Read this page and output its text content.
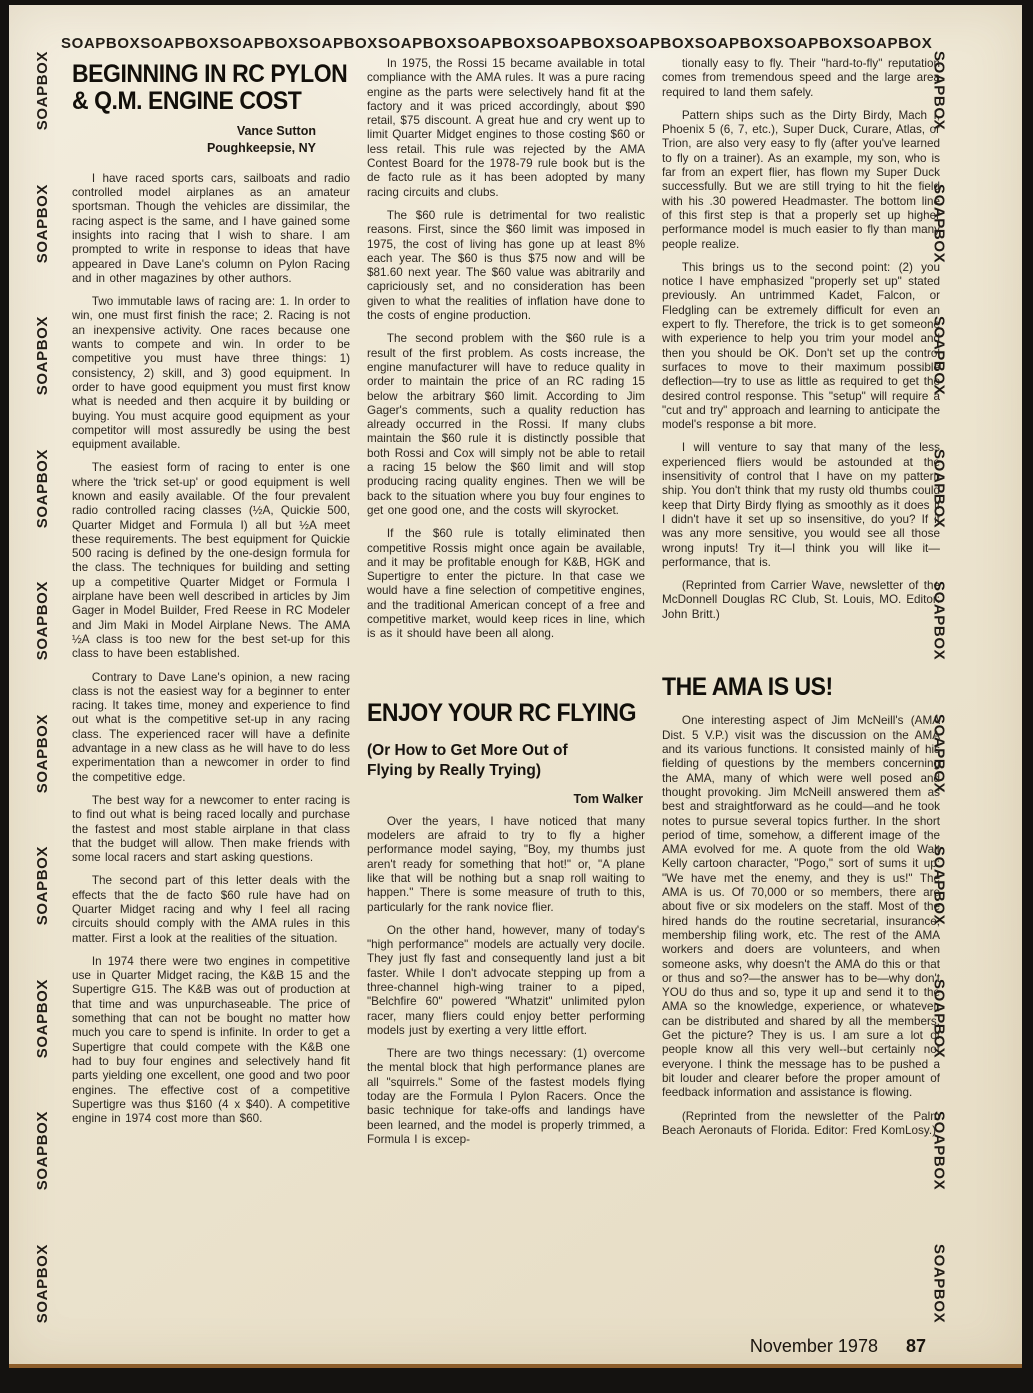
SOAPBOX SOAPBOX SOAPBOX SOAPBOX SOAPBOX SOAPBOX SOAPBOX SOAPBOX SOAPBOX SOAPBOX SOAPBOX
SOAPBOX
SOAPBOX
SOAPBOX
SOAPBOX
SOAPBOX
SOAPBOX
SOAPBOX
SOAPBOX
SOAPBOX
SOAPBOX
SOAPBOX
SOAPBOX
SOAPBOX
SOAPBOX
SOAPBOX
SOAPBOX
SOAPBOX
SOAPBOX
SOAPBOX
SOAPBOX
BEGINNING IN RC PYLON
& Q.M. ENGINE COST
Vance Sutton
Poughkeepsie, NY

I have raced sports cars, sailboats and radio controlled model airplanes as an amateur sportsman. Though the vehicles are dissimilar, the racing aspect is the same, and I have gained some insights into racing that I wish to share. I am prompted to write in response to ideas that have appeared in Dave Lane's column on Pylon Racing and in other magazines by other authors.

Two immutable laws of racing are: 1. In order to win, one must first finish the race; 2. Racing is not an inexpensive activity. One races because one wants to compete and win. In order to be competitive you must have three things: 1) consistency, 2) skill, and 3) good equipment. In order to have good equipment you must first know what is needed and then acquire it by building or buying. You must acquire good equipment as your competitor will most assuredly be using the best equipment available.

The easiest form of racing to enter is one where the 'trick set-up' or good equipment is well known and easily available. Of the four prevalent radio controlled racing classes (½A, Quickie 500, Quarter Midget and Formula I) all but ½A meet these requirements. The best equipment for Quickie 500 racing is defined by the one-design formula for the class. The techniques for building and setting up a competitive Quarter Midget or Formula I airplane have been well described in articles by Jim Gager in Model Builder, Fred Reese in RC Modeler and Jim Maki in Model Airplane News. The AMA ½A class is too new for the best set-up for this class to have been established.

Contrary to Dave Lane's opinion, a new racing class is not the easiest way for a beginner to enter racing. It takes time, money and experience to find out what is the competitive set-up in any racing class. The experienced racer will have a definite advantage in a new class as he will have to do less experimentation than a newcomer in order to find the competitive edge.

The best way for a newcomer to enter racing is to find out what is being raced locally and purchase the fastest and most stable airplane in that class that the budget will allow. Then make friends with some local racers and start asking questions.

The second part of this letter deals with the effects that the de facto $60 rule have had on Quarter Midget racing and why I feel all racing circuits should comply with the AMA rules in this matter. First a look at the realities of the situation.

In 1974 there were two engines in competitive use in Quarter Midget racing, the K&B 15 and the Supertigre G15. The K&B was out of production at that time and was unpurchaseable. The price of something that can not be bought no matter how much you care to spend is infinite. In order to get a Supertigre that could compete with the K&B one had to buy four engines and selectively hand fit parts yielding one excellent, one good and two poor engines. The effective cost of a competitive Supertigre was thus $160 (4 x $40). A competitive engine in 1974 cost more than $60.

In 1975, the Rossi 15 became available in total compliance with the AMA rules. It was a pure racing engine as the parts were selectively hand fit at the factory and it was priced accordingly, about $90 retail, $75 discount. A great hue and cry went up to limit Quarter Midget engines to those costing $60 or less retail. This rule was rejected by the AMA Contest Board for the 1978-79 rule book but is the de facto rule as it has been adopted by many racing circuits and clubs.

The $60 rule is detrimental for two realistic reasons. First, since the $60 limit was imposed in 1975, the cost of living has gone up at least 8% each year. The $60 is thus $75 now and will be $81.60 next year. The $60 value was abitrarily and capriciously set, and no consideration has been given to what the realities of inflation have done to the costs of engine production.

The second problem with the $60 rule is a result of the first problem. As costs increase, the engine manufacturer will have to reduce quality in order to maintain the price of an RC rading 15 below the arbitrary $60 limit. According to Jim Gager's comments, such a quality reduction has already occurred in the Rossi. If many clubs maintain the $60 rule it is distinctly possible that both Rossi and Cox will simply not be able to retail a racing 15 below the $60 limit and will stop producing racing quality engines. Then we will be back to the situation where you buy four engines to get one good one, and the costs will skyrocket.

If the $60 rule is totally eliminated then competitive Rossis might once again be available, and it may be profitable enough for K&B, HGK and Supertigre to enter the picture. In that case we would have a fine selection of competitive engines, and the traditional American concept of a free and competitive market, would keep rices in line, which is as it should have been all along.

ENJOY YOUR RC FLYING
(Or How to Get More Out of
Flying by Really Trying)
Tom Walker

Over the years, I have noticed that many modelers are afraid to try to fly a higher performance model saying, "Boy, my thumbs just aren't ready for something that hot!" or, "A plane like that will be nothing but a snap roll waiting to happen." There is some measure of truth to this, particularly for the rank novice flier.

On the other hand, however, many of today's "high performance" models are actually very docile. They just fly fast and consequently land just a bit faster. While I don't advocate stepping up from a three-channel high-wing trainer to a piped, "Belchfire 60" powered "Whatzit" unlimited pylon racer, many fliers could enjoy better performing models just by exerting a very little effort.

There are two things necessary: (1) overcome the mental block that high performance planes are all "squirrels." Some of the fastest models flying today are the Formula I Pylon Racers. Once the basic technique for take-offs and landings have been learned, and the model is properly trimmed, a Formula I is excep-

tionally easy to fly. Their "hard-to-fly" reputation comes from tremendous speed and the large area required to land them safely.

Pattern ships such as the Dirty Birdy, Mach I, Phoenix 5 (6, 7, etc.), Super Duck, Curare, Atlas, or Trion, are also very easy to fly (after you've learned to fly on a trainer). As an example, my son, who is far from an expert flier, has flown my Super Duck successfully. But we are still trying to hit the field with his .30 powered Headmaster. The bottom line of this first step is that a properly set up higher performance model is much easier to fly than many people realize.

This brings us to the second point: (2) you notice I have emphasized "properly set up" stated previously. An untrimmed Kadet, Falcon, or Fledgling can be extremely difficult for even an expert to fly. Therefore, the trick is to get someone with experience to help you trim your model and then you should be OK. Don't set up the control surfaces to move to their maximum possible deflection—try to use as little as required to get the desired control response. This "setup" will require a "cut and try" approach and learning to anticipate the model's response a bit more.

I will venture to say that many of the less experienced fliers would be astounded at the insensitivity of control that I have on my pattern ship. You don't think that my rusty old thumbs could keep that Dirty Birdy flying as smoothly as it does if I didn't have it set up so insensitive, do you? If it was any more sensitive, you would see all those wrong inputs! Try it—I think you will like it—performance, that is.

(Reprinted from Carrier Wave, newsletter of the McDonnell Douglas RC Club, St. Louis, MO. Editor: John Britt.)

THE AMA IS US!

One interesting aspect of Jim McNeill's (AMA Dist. 5 V.P.) visit was the discussion on the AMA and its various functions. It consisted mainly of his fielding of questions by the members concerning the AMA, many of which were well posed and thought provoking. Jim McNeill answered them as best and straightforward as he could—and he took notes to pursue several topics further. In the short period of time, somehow, a different image of the AMA evolved for me. A quote from the old Walt Kelly cartoon character, "Pogo," sort of sums it up: "We have met the enemy, and they is us!" The AMA is us. Of 70,000 or so members, there are about five or six modelers on the staff. Most of the hired hands do the routine secretarial, insurance, membership filing work, etc. The rest of the AMA workers and doers are volunteers, and when someone asks, why doesn't the AMA do this or that or thus and so?—the answer has to be—why don't YOU do thus and so, type it up and send it to the AMA so the knowledge, experience, or whatever, can be distributed and shared by all the members. Get the picture? They is us. I am sure a lot of people know all this very well--but certainly not everyone. I think the message has to be pushed a bit louder and clearer before the proper amount of feedback information and assistance is flowing.

(Reprinted from the newsletter of the Palm Beach Aeronauts of Florida. Editor: Fred KomLosy.)

November 1978 87
